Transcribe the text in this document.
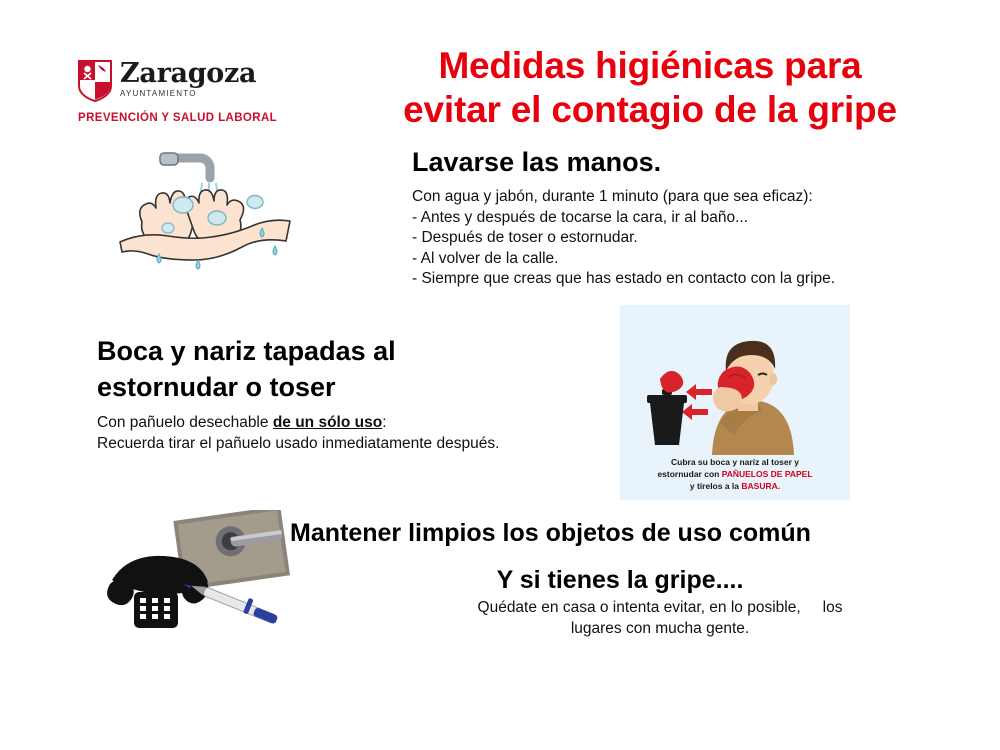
Zaragoza
AYUNTAMIENTO
PREVENCIÓN Y SALUD LABORAL
Medidas higiénicas para
evitar el contagio de la gripe
Lavarse las manos.
Con agua y jabón, durante 1 minuto (para que sea eficaz):
- Antes y después de tocarse la cara, ir al baño...
- Después de toser o estornudar.
- Al volver de la calle.
- Siempre que creas que has estado en contacto con la gripe.
Boca y nariz tapadas al
estornudar o toser
Con pañuelo desechable de un sólo uso:
Recuerda tirar el pañuelo usado inmediatamente después.
Cubra su boca y nariz al toser y
estornudar con PAÑUELOS DE PAPEL
y tírelos a la BASURA.
Mantener limpios los objetos de uso común
Y si tienes la gripe....
Quédate en casa o intenta evitar, en lo posible, los
lugares con mucha gente.
